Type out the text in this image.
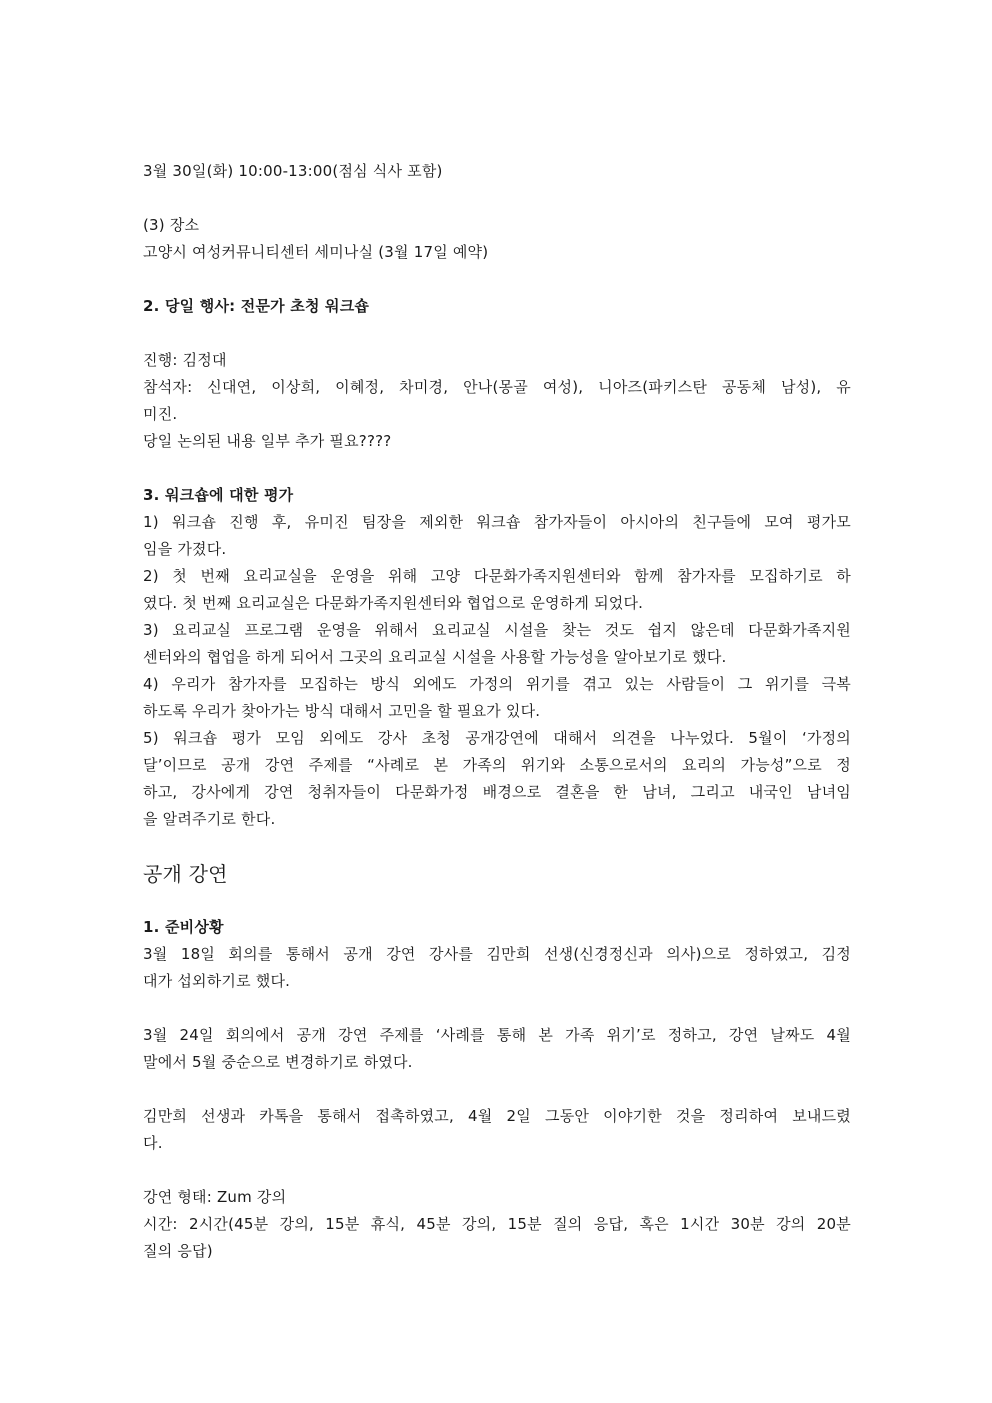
3월 30일(화) 10:00-13:00(점심 식사 포함)
(3) 장소
고양시 여성커뮤니티센터 세미나실 (3월 17일 예약)
2. 당일 행사: 전문가 초청 워크숍
진행: 김정대
참석자: 신대연, 이상희, 이혜정, 차미경, 안나(몽골 여성), 니아즈(파키스탄 공동체 남성), 유
미진.
당일 논의된 내용 일부 추가 필요????
3. 워크숍에 대한 평가
1) 워크숍 진행 후, 유미진 팀장을 제외한 워크숍 참가자들이 아시아의 친구들에 모여 평가모
임을 가졌다.
2) 첫 번째 요리교실을 운영을 위해 고양 다문화가족지원센터와 함께 참가자를 모집하기로 하
였다. 첫 번째 요리교실은 다문화가족지원센터와 협업으로 운영하게 되었다.
3) 요리교실 프로그램 운영을 위해서 요리교실 시설을 찾는 것도 쉽지 않은데 다문화가족지원
센터와의 협업을 하게 되어서 그곳의 요리교실 시설을 사용할 가능성을 알아보기로 했다.
4) 우리가 참가자를 모집하는 방식 외에도 가정의 위기를 겪고 있는 사람들이 그 위기를 극복
하도록 우리가 찾아가는 방식 대해서 고민을 할 필요가 있다.
5) 워크숍 평가 모임 외에도 강사 초청 공개강연에 대해서 의견을 나누었다. 5월이 ‘가정의
달’이므로 공개 강연 주제를 “사례로 본 가족의 위기와 소통으로서의 요리의 가능성”으로 정
하고, 강사에게 강연 청취자들이 다문화가정 배경으로 결혼을 한 남녀, 그리고 내국인 남녀임
을 알려주기로 한다.
공개 강연
1. 준비상황
3월 18일 회의를 통해서 공개 강연 강사를 김만희 선생(신경정신과 의사)으로 정하였고, 김정
대가 섭외하기로 했다.
3월 24일 회의에서 공개 강연 주제를 ‘사례를 통해 본 가족 위기’로 정하고, 강연 날짜도 4월
말에서 5월 중순으로 변경하기로 하였다.
김만희 선생과 카톡을 통해서 접촉하였고, 4월 2일 그동안 이야기한 것을 정리하여 보내드렸
다.
강연 형태: Zum 강의
시간: 2시간(45분 강의, 15분 휴식, 45분 강의, 15분 질의 응답, 혹은 1시간 30분 강의 20분
질의 응답)
